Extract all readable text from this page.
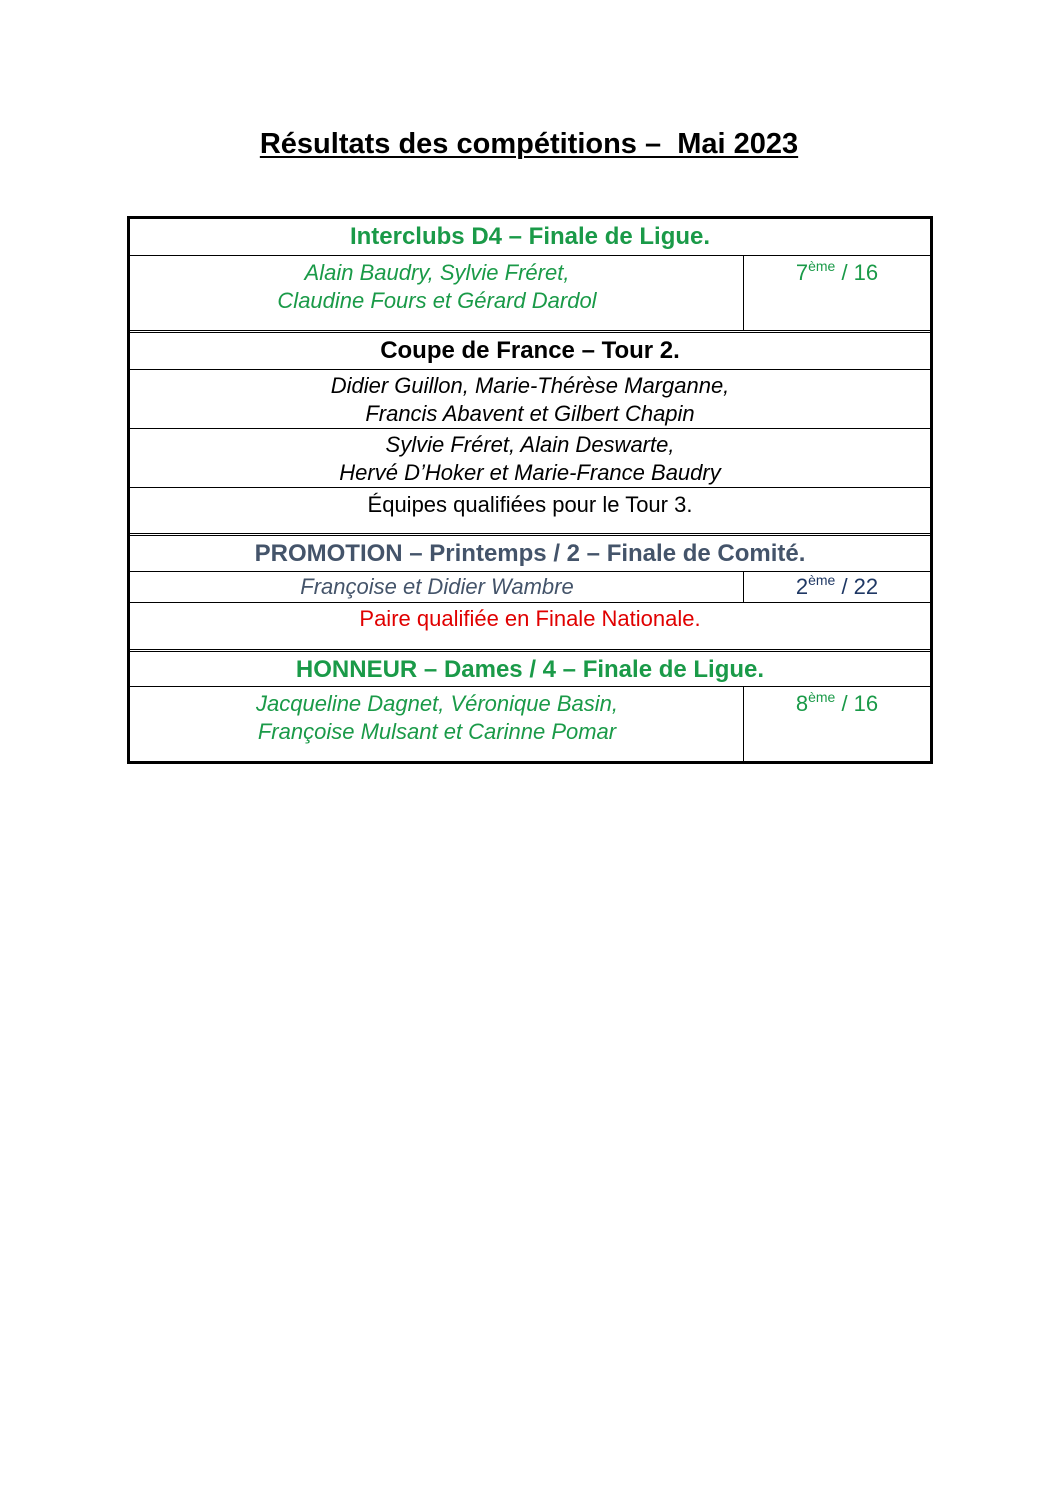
Résultats des compétitions –  Mai 2023
Interclubs D4 – Finale de Ligue.
Alain Baudry, Sylvie Fréret,
Claudine Fours et Gérard Dardol
7ème / 16
Coupe de France – Tour 2.
Didier Guillon, Marie-Thérèse Marganne,
Francis Abavent et Gilbert Chapin
Sylvie Fréret, Alain Deswarte,
Hervé D’Hoker et Marie-France Baudry
Équipes qualifiées pour le Tour 3.
PROMOTION – Printemps / 2 – Finale de Comité.
Françoise et Didier Wambre	2ème / 22
Paire qualifiée en Finale Nationale.
HONNEUR – Dames / 4 – Finale de Ligue.
Jacqueline Dagnet, Véronique Basin,
Françoise Mulsant et Carinne Pomar
8ème / 16
